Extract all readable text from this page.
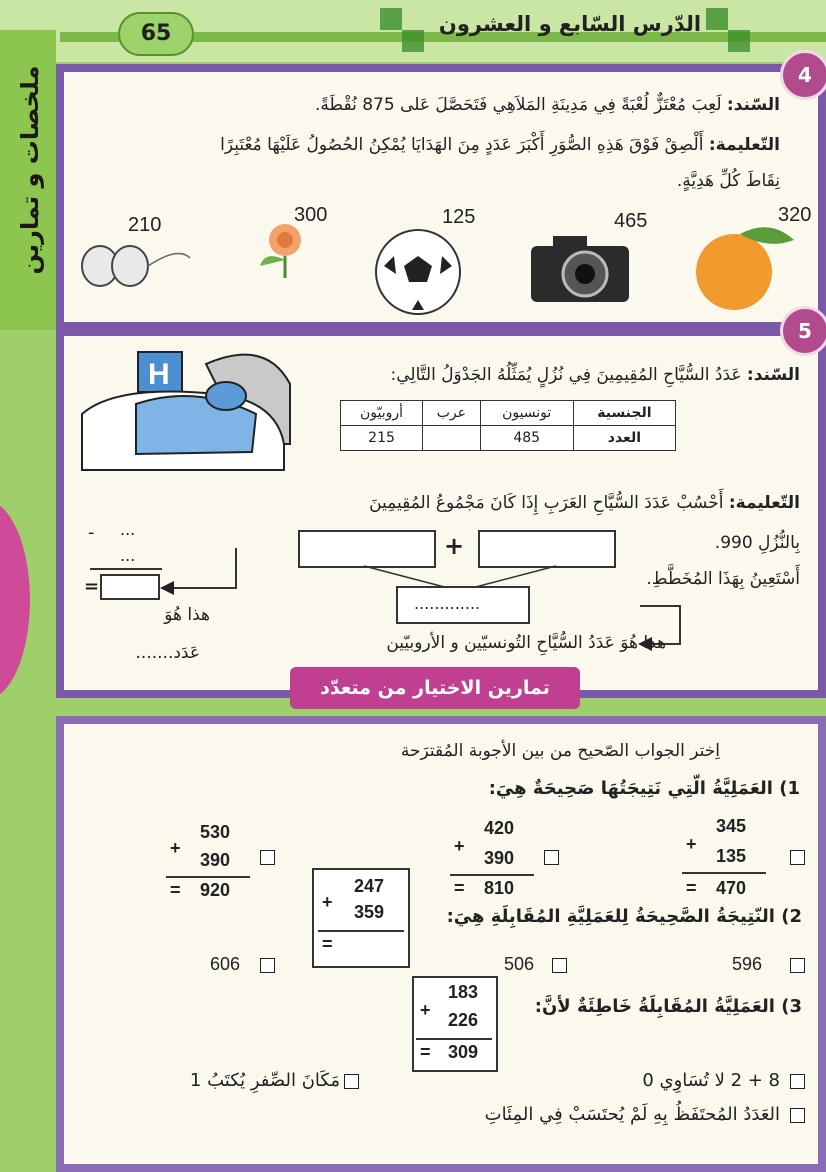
65	الدّرس السّابع و العشرون
ملخصات و تمارين	4
السّند: لَعِبَ مُعْتَزٌّ لُعْبَةً فِي مَدِينَةِ المَلاَهِي فَتَحَصَّلَ عَلى 875 نُقْطَةً.
التّعليمة: أَلْصِقْ فَوْقَ هَذِهِ الصُّوَرِ أَكْبَرَ عَدَدٍ مِنَ الهَدَايَا يُمْكِنُ الحُصُولُ عَلَيْهَا مُعْتَبِرًا
نِقَاطَ كُلِّ هَدِيَّةٍ.
210	300	125	465	320
5
السّند: عَدَدُ السُّيَّاحِ المُقِيمِينَ فِي نُزُلٍ يُمَثِّلُهُ الجَدْوَلُ التَّالِي:
أروبيّون	عرب	تونسيون	الجنسية
215		485	العدد
H
التّعليمة: أَحْسُبْ عَدَدَ السُّيَّاحِ العَرَبِ إِذَا كَانَ مَجْمُوعُ المُقِيمِينَ
بِالنُّزُلِ 990.
أَسْتَعِينُ بِهَذَا المُخَطَّطِ.
+
.............
هذا هُوَ عَدَدُ السُّيَّاحِ التُونسيّين و الأروبيّين
- ...
...
=
هذا هُوَ
عَدَد.......
تمارين الاختيار من متعدّد
اِختر الجواب الصّحيح من بين الأجوبة المُقترَحة
1) العَمَلِيَّةُ الّتِي نَتِيجَتُهَا صَحِيحَةٌ هِيَ:
345
+
135
= 470
420
+
390
= 810
530
+
390
= 920
2) النّتِيجَةُ الصَّحِيحَةُ لِلعَمَلِيَّةِ المُقَابِلَةِ هِيَ:
247
+ 359
=
596
506
606
3) العَمَلِيَّةُ المُقَابِلَةُ خَاطِئَةٌ لأنَّ:
183
+ 226
= 309
8 + 2 لا تُسَاوِي 0
مَكَانَ الصِّفرِ يُكتَبُ 1
العَدَدُ المُحتَفَظُ بِهِ لَمْ يُحتَسَبْ فِي المِئَاتِ
